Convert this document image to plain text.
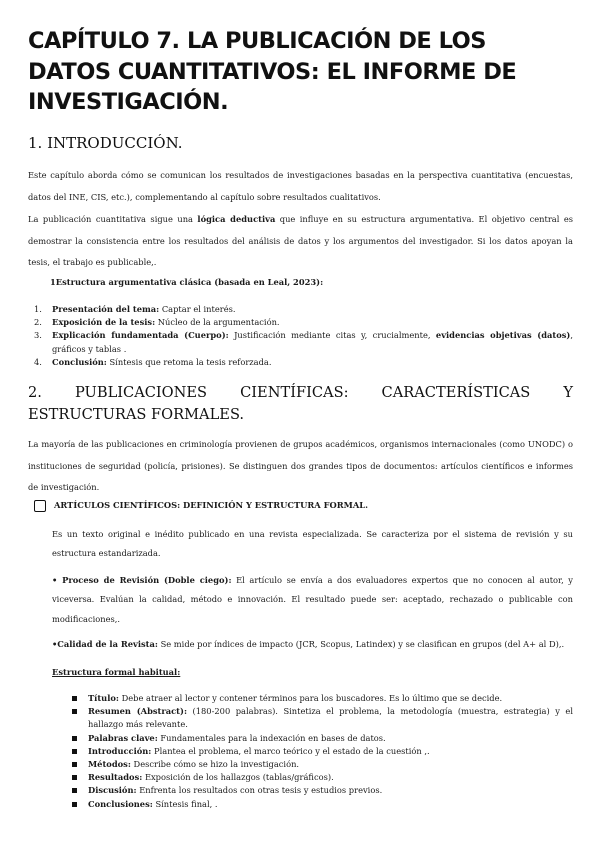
CAPÍTULO 7. LA PUBLICACIÓN DE LOS DATOS CUANTITATIVOS: EL INFORME DE INVESTIGACIÓN.
1. INTRODUCCIÓN.

Este capítulo aborda cómo se comunican los resultados de investigaciones basadas en la perspectiva cuantitativa (encuestas, datos del INE, CIS, etc.), complementando al capítulo sobre resultados cualitativos.

La publicación cuantitativa sigue una lógica deductiva que influye en su estructura argumentativa. El objetivo central es demostrar la consistencia entre los resultados del análisis de datos y los argumentos del investigador. Si los datos apoyan la tesis, el trabajo es publicable,.

1Estructura argumentativa clásica (basada en Leal, 2023):

1. Presentación del tema: Captar el interés.
2. Exposición de la tesis: Núcleo de la argumentación.
3. Explicación fundamentada (Cuerpo): Justificación mediante citas y, crucialmente, evidencias objetivas (datos), gráficos y tablas .
4. Conclusión: Síntesis que retoma la tesis reforzada.
2. PUBLICACIONES CIENTÍFICAS: CARACTERÍSTICAS Y ESTRUCTURAS FORMALES.

La mayoría de las publicaciones en criminología provienen de grupos académicos, organismos internacionales (como UNODC) o instituciones de seguridad (policía, prisiones). Se distinguen dos grandes tipos de documentos: artículos científicos e informes de investigación.

ARTÍCULOS CIENTÍFICOS: DEFINICIÓN Y ESTRUCTURA FORMAL.

Es un texto original e inédito publicado en una revista especializada. Se caracteriza por el sistema de revisión y su estructura estandarizada.

• Proceso de Revisión (Doble ciego): El artículo se envía a dos evaluadores expertos que no conocen al autor, y viceversa. Evalúan la calidad, método e innovación. El resultado puede ser: aceptado, rechazado o publicable con modificaciones,.

•Calidad de la Revista: Se mide por índices de impacto (JCR, Scopus, Latindex) y se clasifican en grupos (del A+ al D),.

Estructura formal habitual:

Título: Debe atraer al lector y contener términos para los buscadores. Es lo último que se decide.
Resumen (Abstract): (180-200 palabras). Sintetiza el problema, la metodología (muestra, estrategia) y el hallazgo más relevante.
Palabras clave: Fundamentales para la indexación en bases de datos.
Introducción: Plantea el problema, el marco teórico y el estado de la cuestión ,.
Métodos: Describe cómo se hizo la investigación.
Resultados: Exposición de los hallazgos (tablas/gráficos).
Discusión: Enfrenta los resultados con otras tesis y estudios previos.
Conclusiones: Síntesis final, .
